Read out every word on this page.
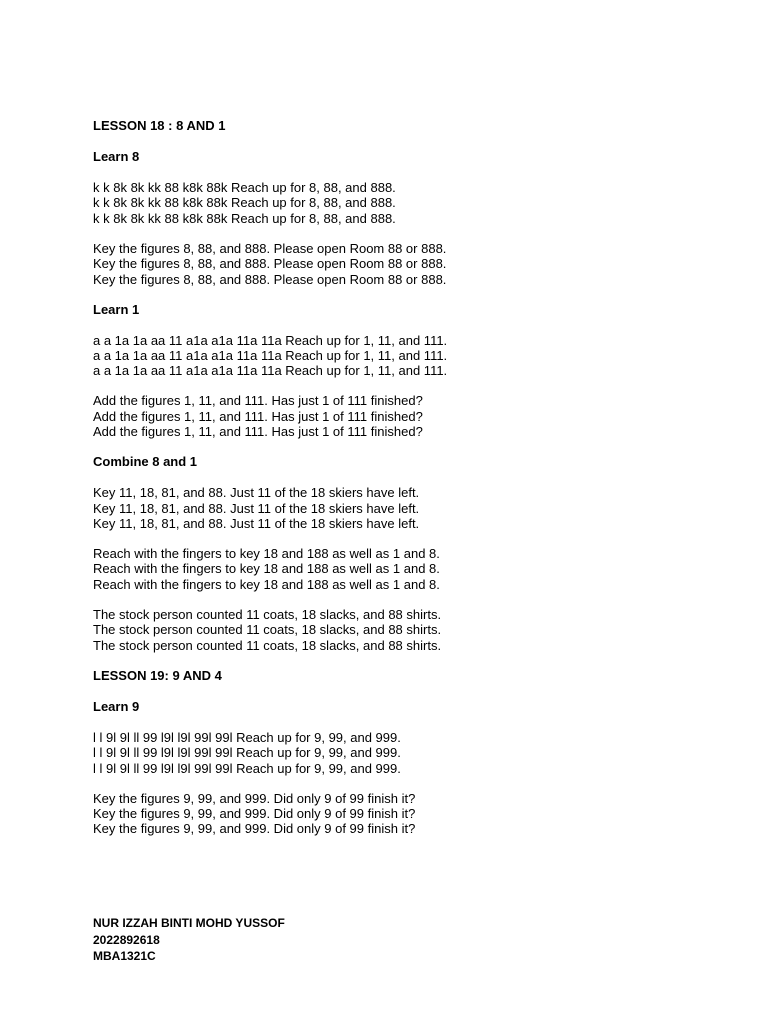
LESSON 18 : 8 AND 1

Learn 8

k k 8k 8k kk 88 k8k 88k Reach up for 8, 88, and 888.
k k 8k 8k kk 88 k8k 88k Reach up for 8, 88, and 888.
k k 8k 8k kk 88 k8k 88k Reach up for 8, 88, and 888.
Key the figures 8, 88, and 888. Please open Room 88 or 888.
Key the figures 8, 88, and 888. Please open Room 88 or 888.
Key the figures 8, 88, and 888. Please open Room 88 or 888.

Learn 1

a a 1a 1a aa 11 a1a a1a 11a 11a Reach up for 1, 11, and 111.
a a 1a 1a aa 11 a1a a1a 11a 11a Reach up for 1, 11, and 111.
a a 1a 1a aa 11 a1a a1a 11a 11a Reach up for 1, 11, and 111.
Add the figures 1, 11, and 111. Has just 1 of 111 finished?
Add the figures 1, 11, and 111. Has just 1 of 111 finished?
Add the figures 1, 11, and 111. Has just 1 of 111 finished?

Combine 8 and 1

Key 11, 18, 81, and 88. Just 11 of the 18 skiers have left.
Key 11, 18, 81, and 88. Just 11 of the 18 skiers have left.
Key 11, 18, 81, and 88. Just 11 of the 18 skiers have left.
Reach with the fingers to key 18 and 188 as well as 1 and 8.
Reach with the fingers to key 18 and 188 as well as 1 and 8.
Reach with the fingers to key 18 and 188 as well as 1 and 8.
The stock person counted 11 coats, 18 slacks, and 88 shirts.
The stock person counted 11 coats, 18 slacks, and 88 shirts.
The stock person counted 11 coats, 18 slacks, and 88 shirts.

LESSON 19: 9 AND 4

Learn 9

l l 9l 9l ll 99 l9l l9l 99l 99l Reach up for 9, 99, and 999.
l l 9l 9l ll 99 l9l l9l 99l 99l Reach up for 9, 99, and 999.
l l 9l 9l ll 99 l9l l9l 99l 99l Reach up for 9, 99, and 999.
Key the figures 9, 99, and 999. Did only 9 of 99 finish it?
Key the figures 9, 99, and 999. Did only 9 of 99 finish it?
Key the figures 9, 99, and 999. Did only 9 of 99 finish it?
NUR IZZAH BINTI MOHD YUSSOF
2022892618
MBA1321C
